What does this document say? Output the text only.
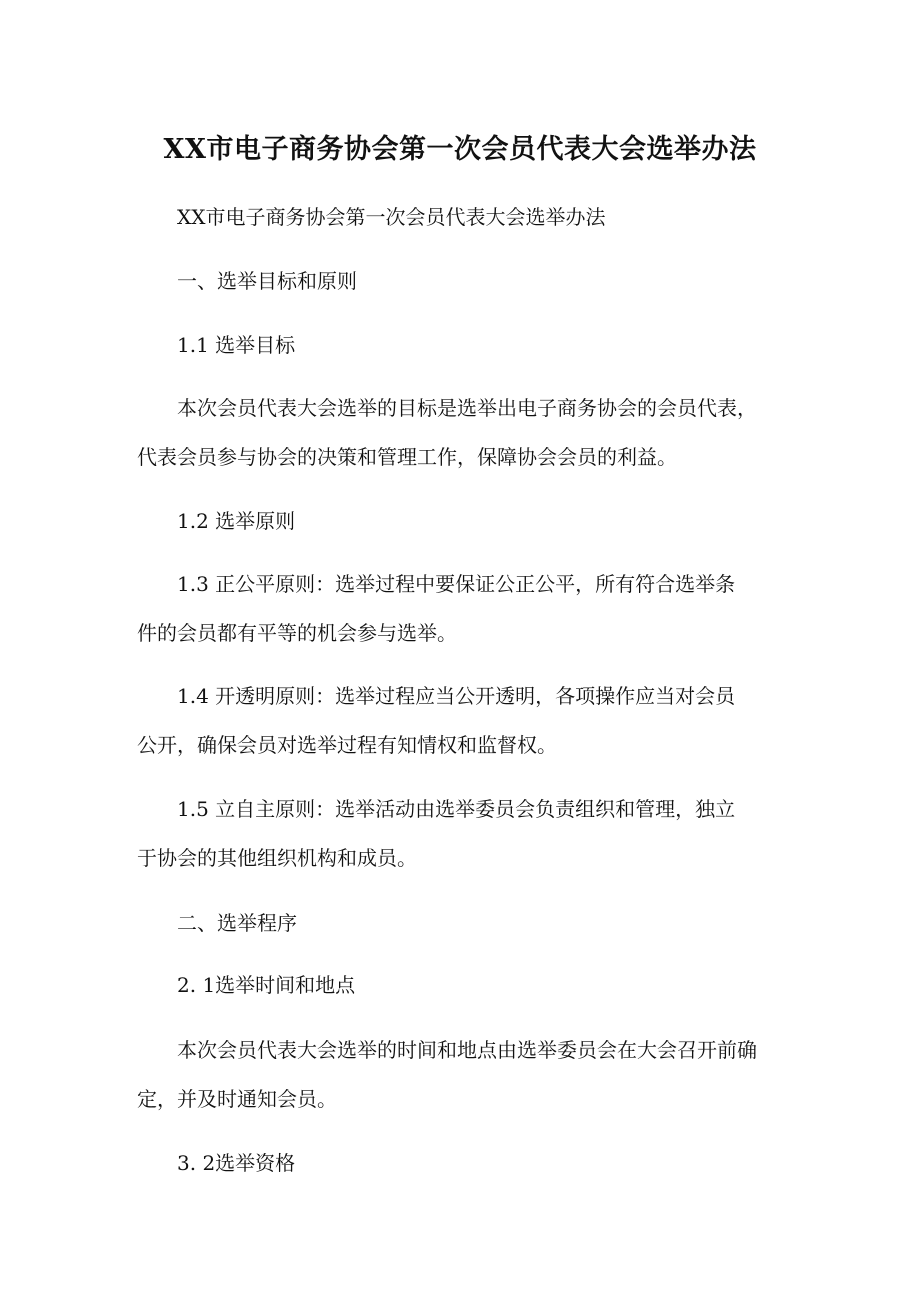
XX市电子商务协会第一次会员代表大会选举办法
XX市电子商务协会第一次会员代表大会选举办法
一、选举目标和原则
1.1 选举目标
本次会员代表大会选举的目标是选举出电子商务协会的会员代表，
代表会员参与协会的决策和管理工作，保障协会会员的利益。
1.2 选举原则
1.3 正公平原则：选举过程中要保证公正公平，所有符合选举条
件的会员都有平等的机会参与选举。
1.4 开透明原则：选举过程应当公开透明，各项操作应当对会员
公开，确保会员对选举过程有知情权和监督权。
1.5 立自主原则：选举活动由选举委员会负责组织和管理，独立
于协会的其他组织机构和成员。
二、选举程序
2. 1选举时间和地点
本次会员代表大会选举的时间和地点由选举委员会在大会召开前确
定，并及时通知会员。
3. 2选举资格
